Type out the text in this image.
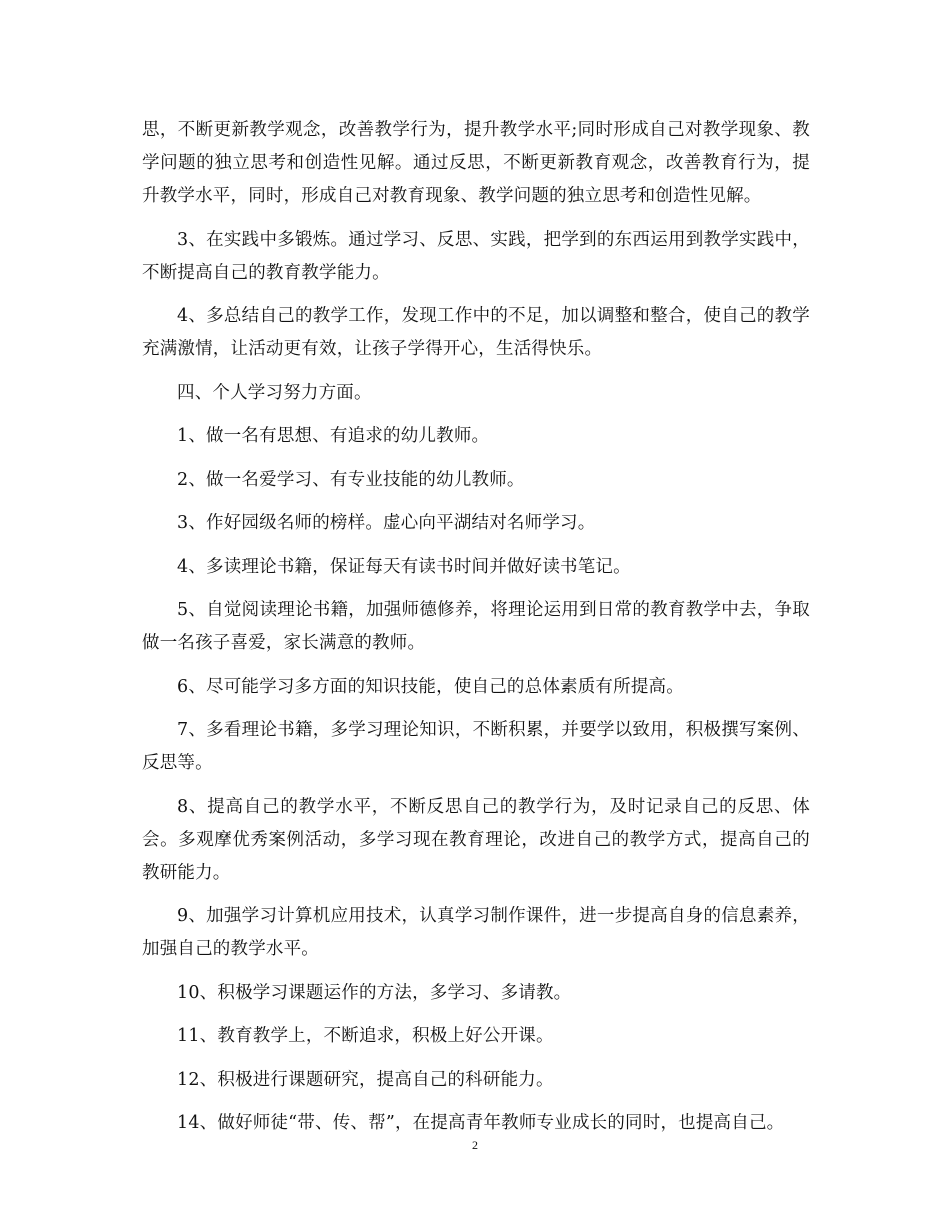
思，不断更新教学观念，改善教学行为，提升教学水平;同时形成自己对教学现象、教学问题的独立思考和创造性见解。通过反思，不断更新教育观念，改善教育行为，提升教学水平，同时，形成自己对教育现象、教学问题的独立思考和创造性见解。

3、在实践中多锻炼。通过学习、反思、实践，把学到的东西运用到教学实践中，不断提高自己的教育教学能力。

4、多总结自己的教学工作，发现工作中的不足，加以调整和整合，使自己的教学充满激情，让活动更有效，让孩子学得开心，生活得快乐。

四、个人学习努力方面。

1、做一名有思想、有追求的幼儿教师。

2、做一名爱学习、有专业技能的幼儿教师。

3、作好园级名师的榜样。虚心向平湖结对名师学习。

4、多读理论书籍，保证每天有读书时间并做好读书笔记。

5、自觉阅读理论书籍，加强师德修养，将理论运用到日常的教育教学中去，争取做一名孩子喜爱，家长满意的教师。

6、尽可能学习多方面的知识技能，使自己的总体素质有所提高。

7、多看理论书籍，多学习理论知识，不断积累，并要学以致用，积极撰写案例、反思等。

8、提高自己的教学水平，不断反思自己的教学行为，及时记录自己的反思、体会。多观摩优秀案例活动，多学习现在教育理论，改进自己的教学方式，提高自己的教研能力。

9、加强学习计算机应用技术，认真学习制作课件，进一步提高自身的信息素养，加强自己的教学水平。

10、积极学习课题运作的方法，多学习、多请教。

11、教育教学上，不断追求，积极上好公开课。

12、积极进行课题研究，提高自己的科研能力。

14、做好师徒“带、传、帮”，在提高青年教师专业成长的同时，也提高自己。

2
